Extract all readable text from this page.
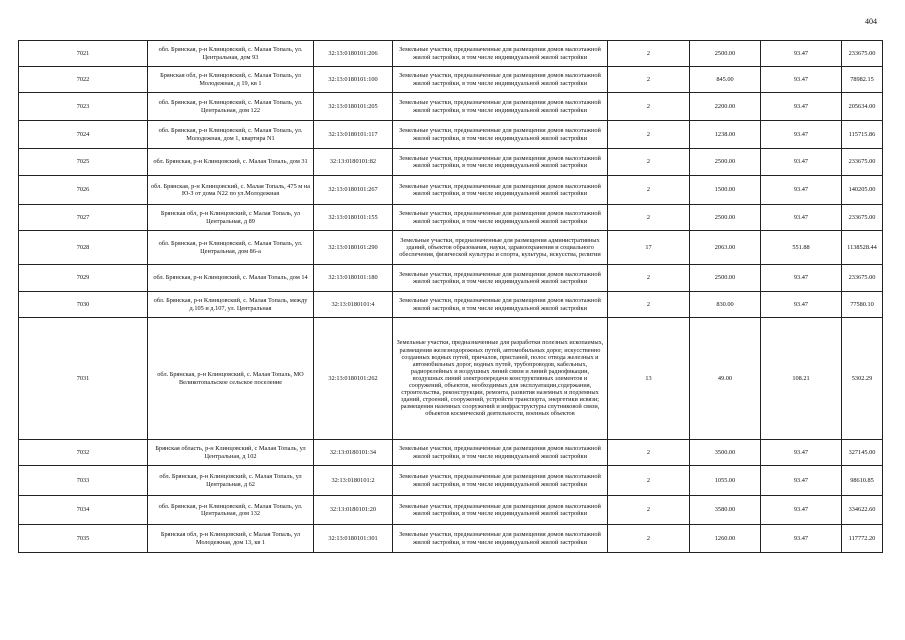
404
7021	обл. Брянская, р-н Клинцовский, с. Малая Топаль, ул. Центральная, дом 93	32:13:0180101:206	Земельные участки, предназначенные для размещения домов малоэтажной жилой застройки, в том числе индивидуальной жилой застройки	2	2500.00	93.47	233675.00
7022	Брянская обл, р-н Клинцовский, с. Малая Топаль, ул Молодежная, д 19, кв 1	32:13:0180101:100	Земельные участки, предназначенные для размещения домов малоэтажной жилой застройки, в том числе индивидуальной жилой застройки	2	845.00	93.47	78982.15
7023	обл. Брянская, р-н Клинцовский, с. Малая Топаль, ул. Центральная, дом 122	32:13:0180101:205	Земельные участки, предназначенные для размещения домов малоэтажной жилой застройки, в том числе индивидуальной жилой застройки	2	2200.00	93.47	205634.00
7024	обл. Брянская, р-н Клинцовский, с. Малая Топаль, ул. Молодежная, дом 1, квартира N1	32:13:0180101:117	Земельные участки, предназначенные для размещения домов малоэтажной жилой застройки, в том числе индивидуальной жилой застройки	2	1238.00	93.47	115715.86
7025	обл. Брянская, р-н Клинцовский, с. Малая Топаль, дом 31	32:13:0180101:82	Земельные участки, предназначенные для размещения домов малоэтажной жилой застройки, в том числе индивидуальной жилой застройки	2	2500.00	93.47	233675.00
7026	обл. Брянская, р-н Клинцовский, с. Малая Топаль, 475 м на Ю-З от дома N22 по ул.Молодежная	32:13:0180101:267	Земельные участки, предназначенные для размещения домов малоэтажной жилой застройки, в том числе индивидуальной жилой застройки	2	1500.00	93.47	140205.00
7027	Брянская обл, р-н Клинцовский, с Малая Топаль, ул Центральная, д 89	32:13:0180101:155	Земельные участки, предназначенные для размещения домов малоэтажной жилой застройки, в том числе индивидуальной жилой застройки	2	2500.00	93.47	233675.00
7028	обл. Брянская, р-н Клинцовский, с. Малая Топаль, ул. Центральная, дом 86-а	32:13:0180101:290	Земельные участки, предназначенные для размещения административных зданий, объектов образования, науки, здравоохранения и социального обеспечения, физической культуры и спорта, культуры, искусства, религии	17	2063.00	551.88	1138528.44
7029	обл. Брянская, р-н Клинцовский, с. Малая Топаль, дом 14	32:13:0180101:180	Земельные участки, предназначенные для размещения домов малоэтажной жилой застройки, в том числе индивидуальной жилой застройки	2	2500.00	93.47	233675.00
7030	обл. Брянская, р-н Клинцовский, с. Малая Топаль, между д.105 и д.107, ул. Центральная	32:13:0180101:4	Земельные участки, предназначенные для размещения домов малоэтажной жилой застройки, в том числе индивидуальной жилой застройки	2	830.00	93.47	77580.10
7031	обл. Брянская, р-н Клинцовский, с. Малая Топаль, МО Великотопальское сельское поселение	32:13:0180101:262	Земельные участки, предназначенные для разработки полезных ископаемых, размещения железнодорожных путей, автомобильных дорог, искусственно созданных водных путей, причалов, пристаней, полос отвода железных и автомобильных дорог, водных путей, трубопроводов, кабельных, радиорелейных и воздушных линий связи и линий радиофикации, воздушных линий электропередачи конструктивных элементов и сооружений, объектов, необходимых для эксплуатации,содержания, строительства, реконструкции, ремонта, развития наземных и подземных зданий, строений, сооружений, устройств транспорта, энергетики исвязи; размещения наземных сооружений и инфраструктуры спутниковой связи, объектов космической деятельности, военных объектов	13	49.00	108.21	5302.29
7032	Брянская область, р-н Клинцовский, с Малая Топаль, ул Центральная, д 102	32:13:0180101:34	Земельные участки, предназначенные для размещения домов малоэтажной жилой застройки, в том числе индивидуальной жилой застройки	2	3500.00	93.47	327145.00
7033	обл. Брянская, р-н Клинцовский, с. Малая Топаль, ул Центральная, д 62	32:13:0180101:2	Земельные участки, предназначенные для размещения домов малоэтажной жилой застройки, в том числе индивидуальной жилой застройки	2	1055.00	93.47	98610.85
7034	обл. Брянская, р-н Клинцовский, с. Малая Топаль, ул. Центральная, дом 132	32:13:0180101:20	Земельные участки, предназначенные для размещения домов малоэтажной жилой застройки, в том числе индивидуальной жилой застройки	2	3580.00	93.47	334622.60
7035	Брянская обл, р-н Клинцовский, с Малая Топаль, ул Молодежная, дом 13, кв 1	32:13:0180101:301	Земельные участки, предназначенные для размещения домов малоэтажной жилой застройки, в том числе индивидуальной жилой застройки	2	1260.00	93.47	117772.20
